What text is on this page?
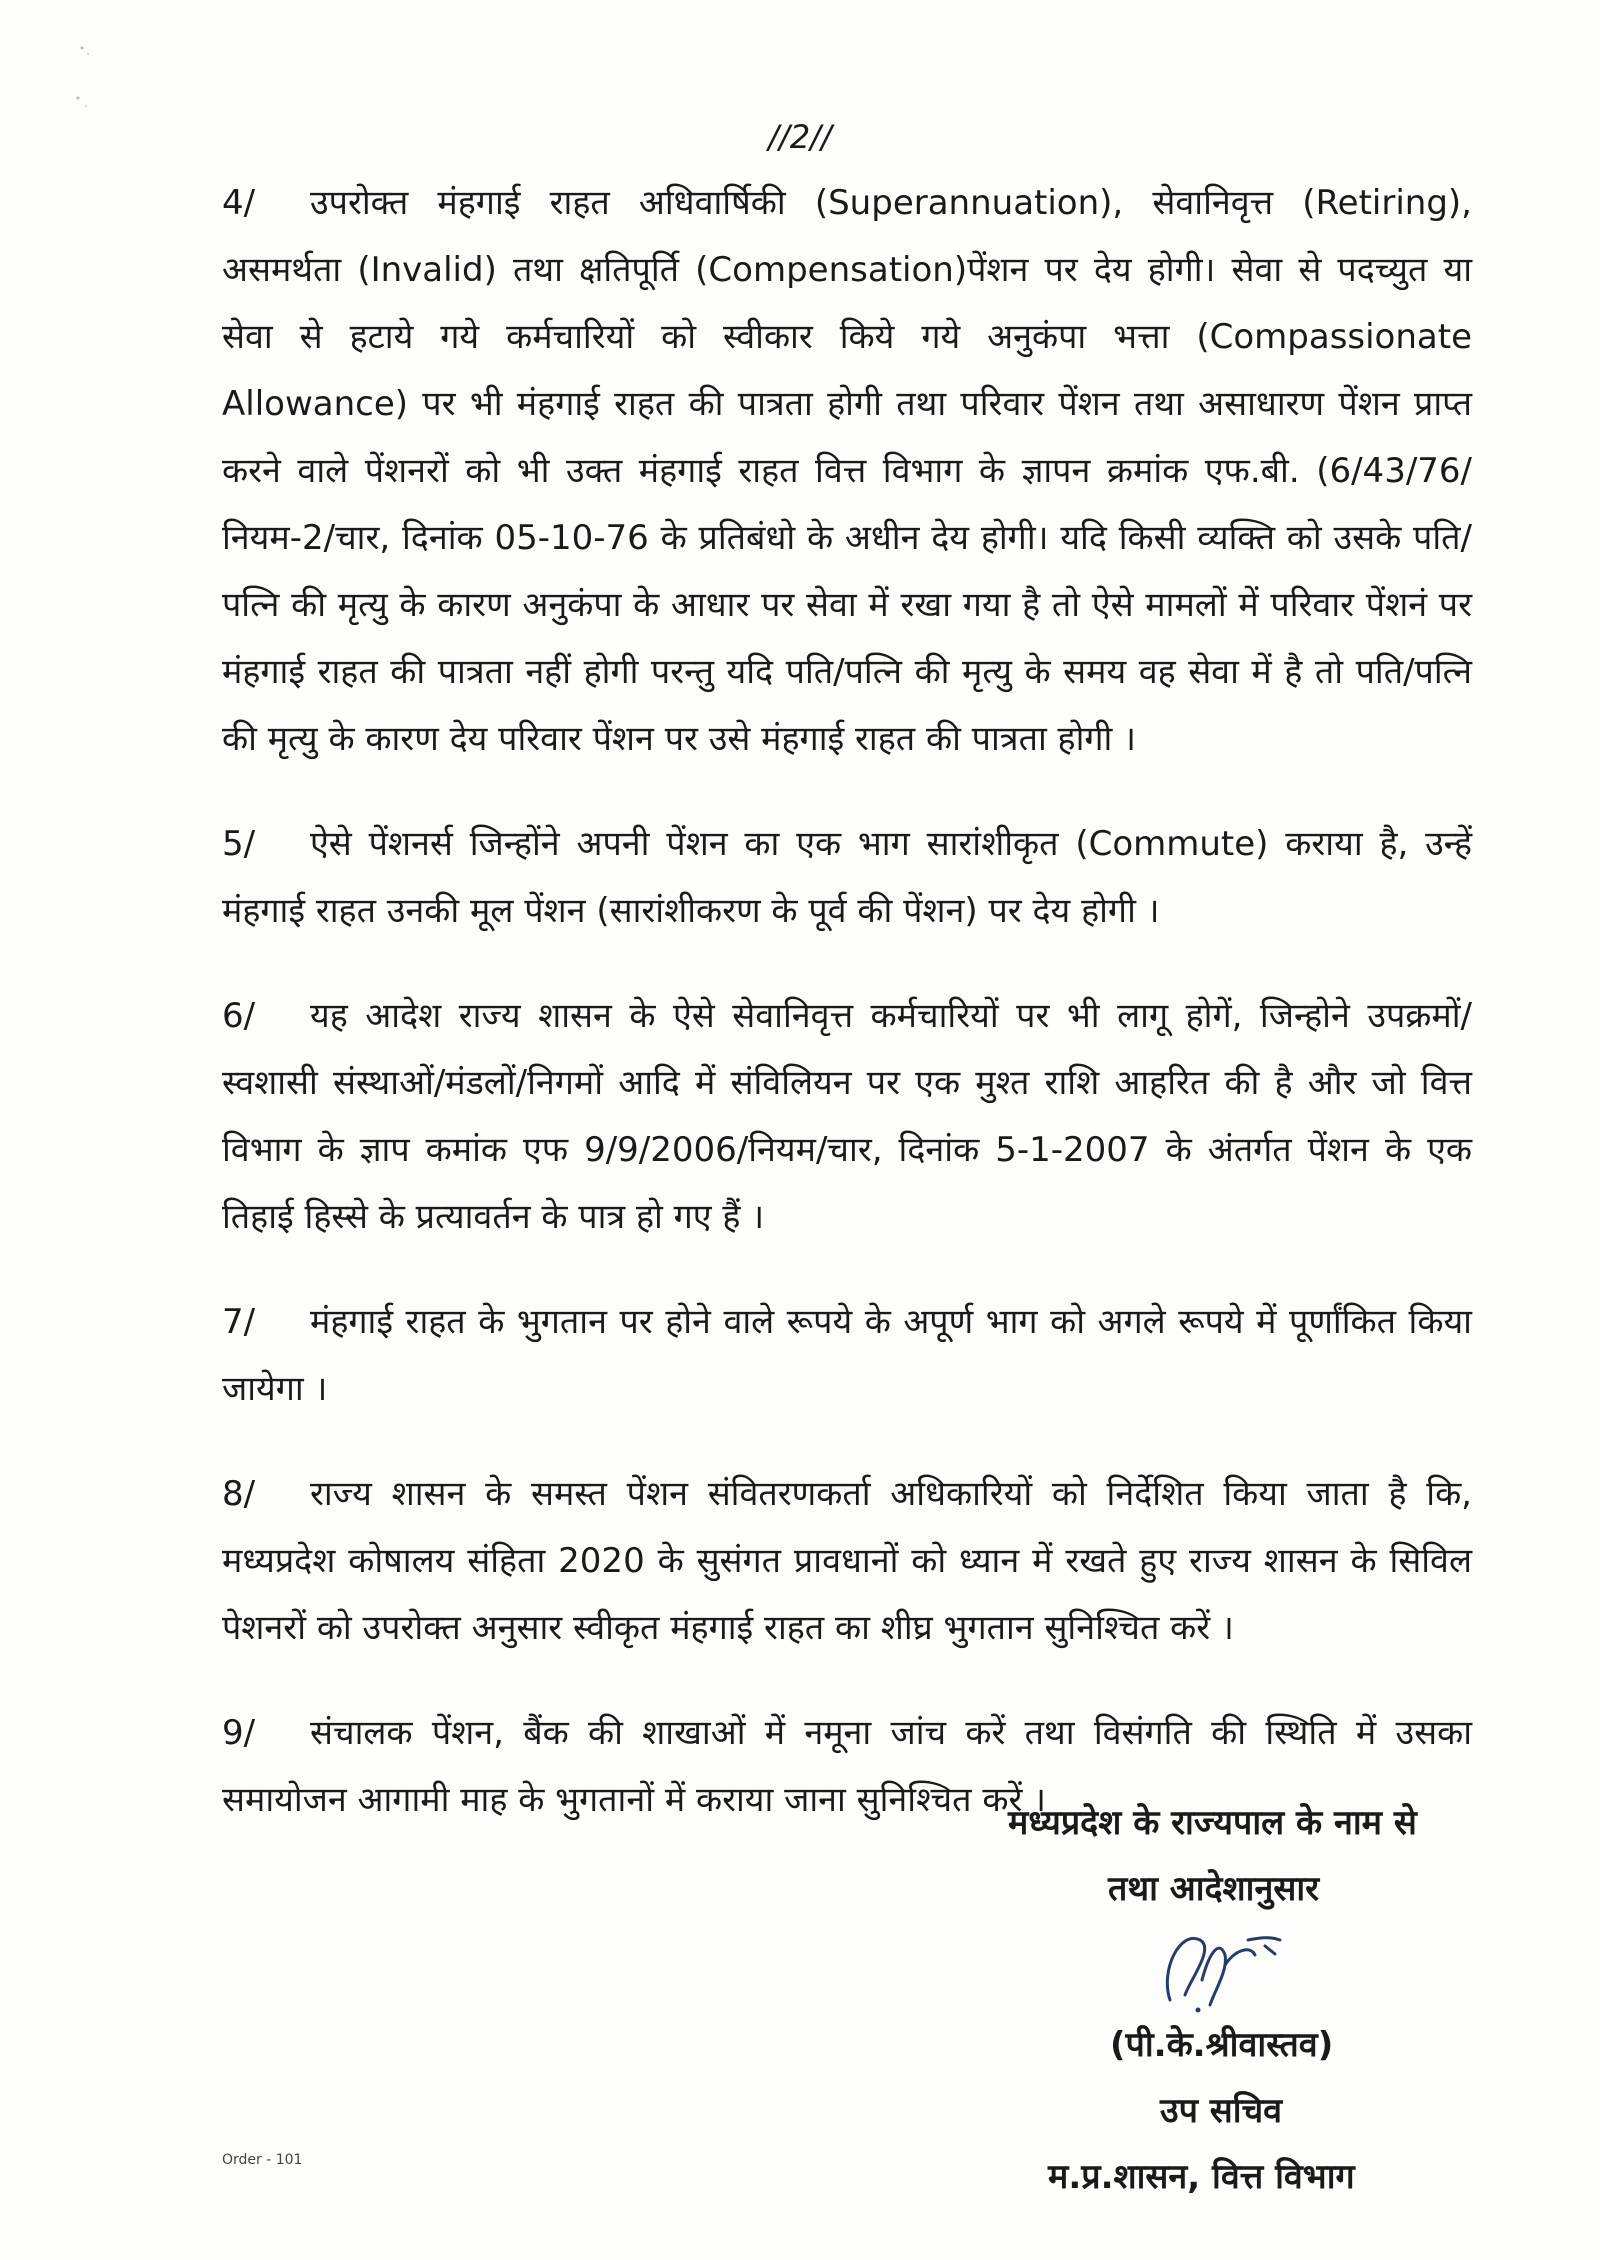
//2//

4/ उपरोक्त मंहगाई राहत अधिवार्षिकी (Superannuation), सेवानिवृत्त (Retiring), असमर्थता (Invalid) तथा क्षतिपूर्ति (Compensation)पेंशन पर देय होगी। सेवा से पदच्युत या सेवा से हटाये गये कर्मचारियों को स्वीकार किये गये अनुकंपा भत्ता (Compassionate Allowance) पर भी मंहगाई राहत की पात्रता होगी तथा परिवार पेंशन तथा असाधारण पेंशन प्राप्त करने वाले पेंशनरों को भी उक्त मंहगाई राहत वित्त विभाग के ज्ञापन क्रमांक एफ.बी. (6/43/76/नियम-2/चार, दिनांक 05-10-76 के प्रतिबंधो के अधीन देय होगी। यदि किसी व्यक्ति को उसके पति/पत्नि की मृत्यु के कारण अनुकंपा के आधार पर सेवा में रखा गया है तो ऐसे मामलों में परिवार पेंशनं पर मंहगाई राहत की पात्रता नहीं होगी परन्तु यदि पति/पत्नि की मृत्यु के समय वह सेवा में है तो पति/पत्नि की मृत्यु के कारण देय परिवार पेंशन पर उसे मंहगाई राहत की पात्रता होगी ।

5/ ऐसे पेंशनर्स जिन्होंने अपनी पेंशन का एक भाग सारांशीकृत (Commute) कराया है, उन्हें मंहगाई राहत उनकी मूल पेंशन (सारांशीकरण के पूर्व की पेंशन) पर देय होगी ।

6/ यह आदेश राज्य शासन के ऐसे सेवानिवृत्त कर्मचारियों पर भी लागू होगें, जिन्होने उपक्रमों/ स्वशासी संस्थाओं/मंडलों/निगमों आदि में संविलियन पर एक मुश्त राशि आहरित की है और जो वित्त विभाग के ज्ञाप कमांक एफ 9/9/2006/नियम/चार, दिनांक 5-1-2007 के अंतर्गत पेंशन के एक तिहाई हिस्से के प्रत्यावर्तन के पात्र हो गए हैं ।

7/ मंहगाई राहत के भुगतान पर होने वाले रूपये के अपूर्ण भाग को अगले रूपये में पूर्णांकित किया जायेगा ।

8/ राज्य शासन के समस्त पेंशन संवितरणकर्ता अधिकारियों को निर्देशित किया जाता है कि, मध्यप्रदेश कोषालय संहिता 2020 के सुसंगत प्रावधानों को ध्यान में रखते हुए राज्य शासन के सिविल पेशनरों को उपरोक्त अनुसार स्वीकृत मंहगाई राहत का शीघ्र भुगतान सुनिश्चित करें ।

9/ संचालक पेंशन, बैंक की शाखाओं में नमूना जांच करें तथा विसंगति की स्थिति में उसका समायोजन आगामी माह के भुगतानों में कराया जाना सुनिश्चित करें ।

मध्यप्रदेश के राज्यपाल के नाम से
तथा आदेशानुसार
(पी.के.श्रीवास्तव)
उप सचिव
म.प्र.शासन, वित्त विभाग
Order - 101
